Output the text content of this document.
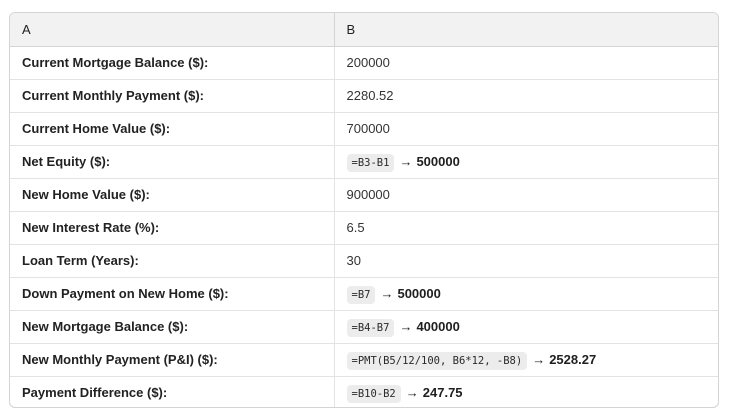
A	B
Current Mortgage Balance ($):	200000
Current Monthly Payment ($):	2280.52
Current Home Value ($):	700000
Net Equity ($):	=B3-B1 → 500000
New Home Value ($):	900000
New Interest Rate (%):	6.5
Loan Term (Years):	30
Down Payment on New Home ($):	=B7 → 500000
New Mortgage Balance ($):	=B4-B7 → 400000
New Monthly Payment (P&I) ($):	=PMT(B5/12/100, B6*12, -B8) → 2528.27
Payment Difference ($):	=B10-B2 → 247.75
